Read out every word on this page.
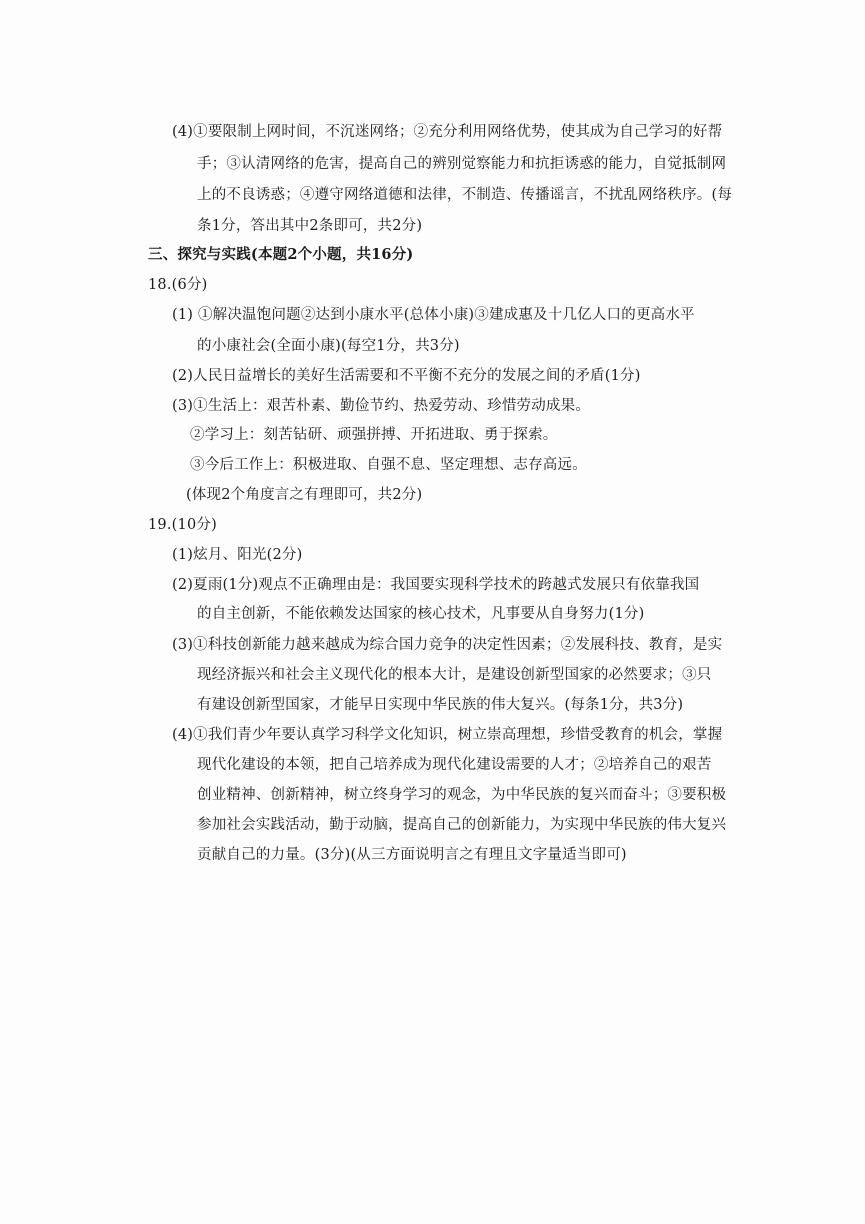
(4)①要限制上网时间，不沉迷网络；②充分利用网络优势，使其成为自己学习的好帮
手；③认清网络的危害，提高自己的辨别觉察能力和抗拒诱惑的能力，自觉抵制网
上的不良诱惑；④遵守网络道德和法律，不制造、传播谣言，不扰乱网络秩序。(每
条1分，答出其中2条即可，共2分)
三、探究与实践(本题2个小题，共16分)
18.(6分)
(1) ①解决温饱问题②达到小康水平(总体小康)③建成惠及十几亿人口的更高水平
的小康社会(全面小康)(每空1分，共3分)
(2)人民日益增长的美好生活需要和不平衡不充分的发展之间的矛盾(1分)
(3)①生活上：艰苦朴素、勤俭节约、热爱劳动、珍惜劳动成果。
②学习上：刻苦钻研、顽强拼搏、开拓进取、勇于探索。
③今后工作上：积极进取、自强不息、坚定理想、志存高远。
(体现2个角度言之有理即可，共2分)
19.(10分)
(1)炫月、阳光(2分)
(2)夏雨(1分)观点不正确理由是：我国要实现科学技术的跨越式发展只有依靠我国
的自主创新，不能依赖发达国家的核心技术，凡事要从自身努力(1分)
(3)①科技创新能力越来越成为综合国力竞争的决定性因素；②发展科技、教育，是实
现经济振兴和社会主义现代化的根本大计，是建设创新型国家的必然要求；③只
有建设创新型国家，才能早日实现中华民族的伟大复兴。(每条1分，共3分)
(4)①我们青少年要认真学习科学文化知识，树立崇高理想，珍惜受教育的机会，掌握
现代化建设的本领，把自己培养成为现代化建设需要的人才；②培养自己的艰苦
创业精神、创新精神，树立终身学习的观念，为中华民族的复兴而奋斗；③要积极
参加社会实践活动，勤于动脑，提高自己的创新能力，为实现中华民族的伟大复兴
贡献自己的力量。(3分)(从三方面说明言之有理且文字量适当即可)
